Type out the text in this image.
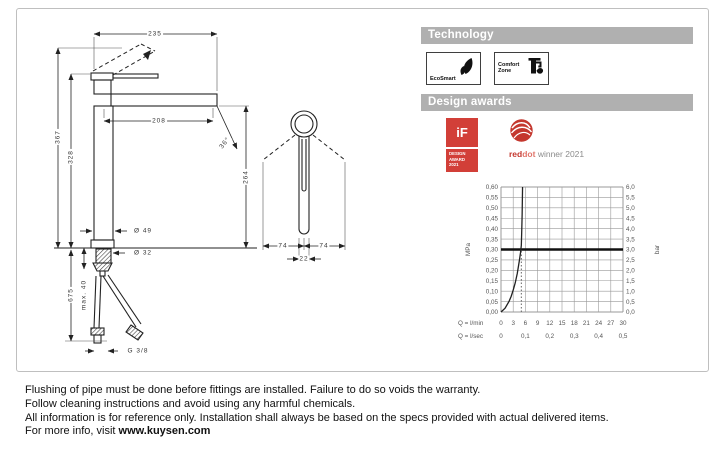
235
208
367
328
264
675 max. 40
Ø 49
Ø 32
G 3/8
36°
74	74
22
Technology
EcoSmart
Comfort Zone
Design awards
iF
DESIGN AWARD 2021
reddot winner 2021
0,60	6,0
0,55	5,5
0,50	5,0
0,45	4,5
0,40	4,0
0,35	3,5
0,30	3,0
0,25	2,5
0,20	2,0
0,15	1,5
0,10	1,0
0,05	0,5
0,00	0,0
0 3 6 9 12 15 18 21 24 27 30
0	0,1 0,2 0,3 0,4 0,5
Q = l/min
Q = l/sec
MPa	bar
Flushing of pipe must be done before fittings are installed. Failure to do so voids the warranty.
Follow cleaning instructions and avoid using any harmful chemicals.
All information is for reference only. Installation shall always be based on the specs provided with actual delivered items.
For more info, visit www.kuysen.com
